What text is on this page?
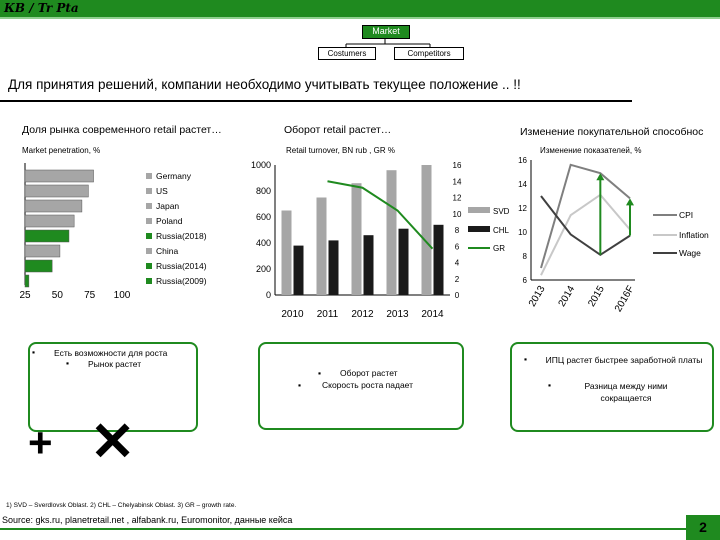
КВ / Tr Pta
Market
Costumers	Competitors
Для принятия решений, компании необходимо учитывать текущее положение .. !!
Доля рынка современного retail растет…
Market penetration, %
Оборот retail растет…
Retail turnover, BN rub , GR %
Изменение покупательной способнос
Изменение показателей, %
Germany
US
Japan
Poland
Russia(2018)
China
Russia(2014)
Russia(2009)
25 50 75 100	0
200
400
600
800
1000
0
2
4
6
8
10
12
14
16
2010 2011 2012 2013 2014
SVD
CHL
GR
6
8
10
12
14
16
CPI
Inflation
Wage
2013 2014 2015 2016F
▪ Есть возможности для роста
▪ Рынок растет
▪ Оборот растет
▪ Скорость роста падает
▪ ИПЦ растет быстрее заработной платы
▪	Разница между ними сокращается
+ ✕
1) SVD – Sverdlovsk Oblast. 2) CHL – Chelyabinsk Oblast. 3) GR – growth rate.
Source: gks.ru, planetretail.net , alfabank.ru, Euromonitor, данные кейса	2
